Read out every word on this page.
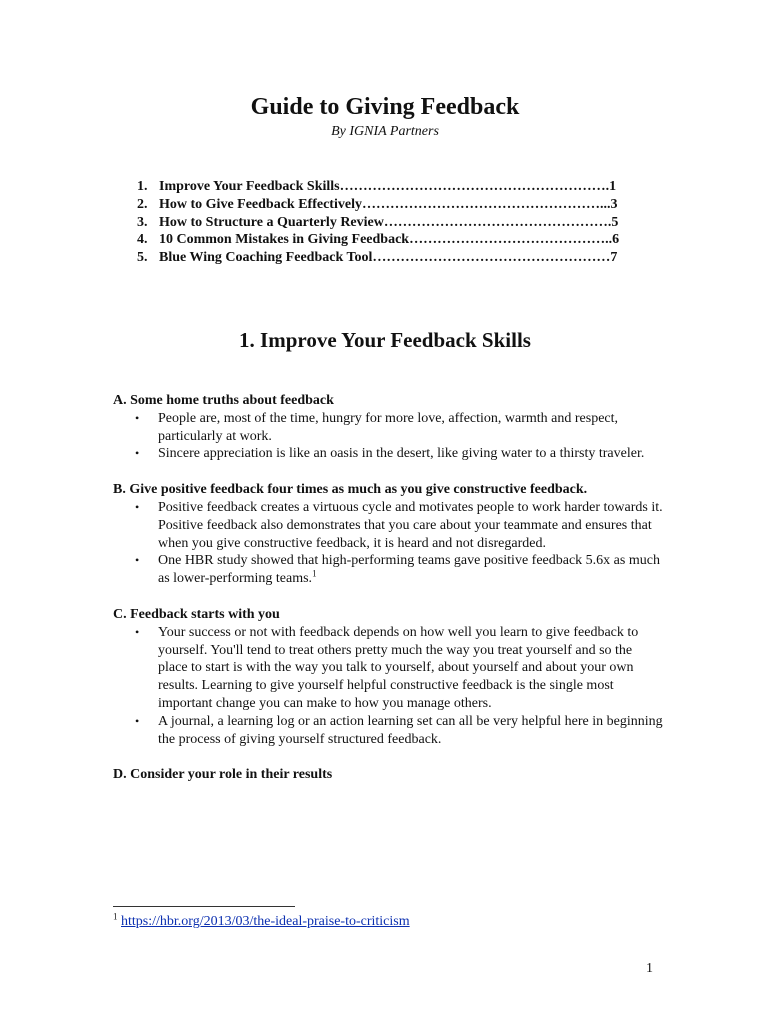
Guide to Giving Feedback
By IGNIA Partners
1. Improve Your Feedback Skills………………………………………………….1
2. How to Give Feedback Effectively……………………………………………...3
3. How to Structure a Quarterly Review………………………………………….5
4. 10 Common Mistakes in Giving Feedback……………………………………..6
5. Blue Wing Coaching Feedback Tool……………………………………………7
1. Improve Your Feedback Skills

A. Some home truths about feedback

• People are, most of the time, hungry for more love, affection, warmth and respect, particularly at work.
• Sincere appreciation is like an oasis in the desert, like giving water to a thirsty traveler.

B. Give positive feedback four times as much as you give constructive feedback.

• Positive feedback creates a virtuous cycle and motivates people to work harder towards it. Positive feedback also demonstrates that you care about your teammate and ensures that when you give constructive feedback, it is heard and not disregarded.
• One HBR study showed that high-performing teams gave positive feedback 5.6x as much as lower-performing teams.$^1$

C. Feedback starts with you

• Your success or not with feedback depends on how well you learn to give feedback to yourself. You'll tend to treat others pretty much the way you treat yourself and so the place to start is with the way you talk to yourself, about yourself and about your own results. Learning to give yourself helpful constructive feedback is the single most important change you can make to how you manage others.
• A journal, a learning log or an action learning set can all be very helpful here in beginning the process of giving yourself structured feedback.

D. Consider your role in their results

$^1$ https://hbr.org/2013/03/the-ideal-praise-to-criticism
1
